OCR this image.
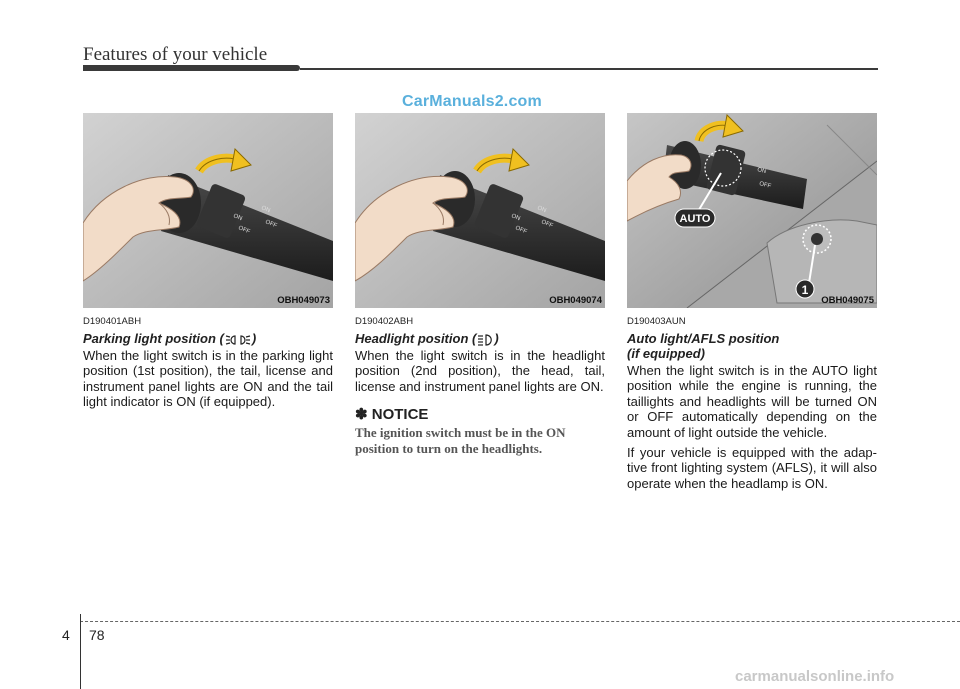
Features of your vehicle
CarManuals2.com
ON
OFF
ON
OFF
OBH049073
ON
OFF
ON
OFF
OBH049074
ON
OFF
AUTO
1
OBH049075
D190401ABH
Parking light position ( )

When the light switch is in the parking light position (1st position), the tail, license and instrument panel lights are ON and the tail light indicator is ON (if equipped).

D190402ABH
Headlight position ( )

When the light switch is in the headlight position (2nd position), the head, tail, license and instrument panel lights are ON.

✽ NOTICE
The ignition switch must be in the ON position to turn on the headlights.
D190403AUN
Auto light/AFLS position
(if equipped)

When the light switch is in the AUTO light position while the engine is running, the taillights and headlights will be turned ON or OFF automatically depending on the amount of light outside the vehicle.

If your vehicle is equipped with the adap-tive front lighting system (AFLS), it will also operate when the headlamp is ON.

4 78
carmanualsonline.info
